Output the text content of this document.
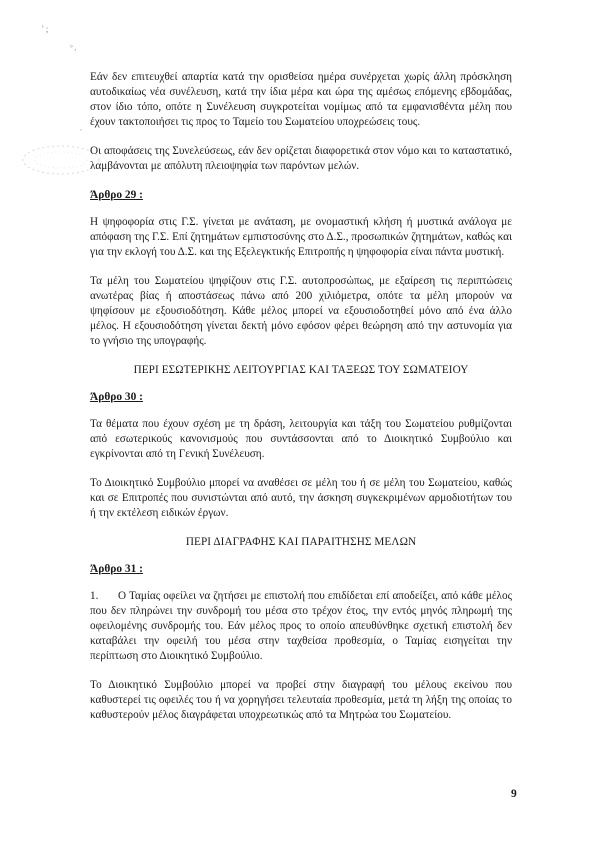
' ;
° ,
,

Εάν δεν επιτευχθεί απαρτία κατά την ορισθείσα ημέρα συνέρχεται χωρίς άλλη πρόσκληση αυτοδικαίως νέα συνέλευση, κατά την ίδια μέρα και ώρα της αμέσως επόμενης εβδομάδας, στον ίδιο τόπο, οπότε η Συνέλευση συγκροτείται νομίμως από τα εμφανισθέντα μέλη που έχουν τακτοποιήσει τις προς το Ταμείο του Σωματείου υποχρεώσεις τους.

Οι αποφάσεις της Συνελεύσεως, εάν δεν ορίζεται διαφορετικά στον νόμο και το καταστατικό, λαμβάνονται με απόλυτη πλειοψηφία των παρόντων μελών.

Άρθρο 29 :

Η ψηφοφορία στις Γ.Σ. γίνεται με ανάταση, με ονομαστική κλήση ή μυστικά ανάλογα με απόφαση της Γ.Σ. Επί ζητημάτων εμπιστοσύνης στο Δ.Σ., προσωπικών ζητημάτων, καθώς και για την εκλογή του Δ.Σ. και της Εξελεγκτικής Επιτροπής η ψηφοφορία είναι πάντα μυστική.

Τα μέλη του Σωματείου ψηφίζουν στις Γ.Σ. αυτοπροσώπως, με εξαίρεση τις περιπτώσεις ανωτέρας βίας ή αποστάσεως πάνω από 200 χιλιόμετρα, οπότε τα μέλη μπορούν να ψηφίσουν με εξουσιοδότηση. Κάθε μέλος μπορεί να εξουσιοδοτηθεί μόνο από ένα άλλο μέλος. Η εξουσιοδότηση γίνεται δεκτή μόνο εφόσον φέρει θεώρηση από την αστυνομία για το γνήσιο της υπογραφής.

ΠΕΡΙ ΕΣΩΤΕΡΙΚΗΣ ΛΕΙΤΟΥΡΓΙΑΣ ΚΑΙ ΤΑΞΕΩΣ ΤΟΥ ΣΩΜΑΤΕΙΟΥ
Άρθρο 30 :

Τα θέματα που έχουν σχέση με τη δράση, λειτουργία και τάξη του Σωματείου ρυθμίζονται από εσωτερικούς κανονισμούς που συντάσσονται από το Διοικητικό Συμβούλιο και εγκρίνονται από τη Γενική Συνέλευση.

Το Διοικητικό Συμβούλιο μπορεί να αναθέσει σε μέλη του ή σε μέλη του Σωματείου, καθώς και σε Επιτροπές που συνιστώνται από αυτό, την άσκηση συγκεκριμένων αρμοδιοτήτων του ή την εκτέλεση ειδικών έργων.

ΠΕΡΙ ΔΙΑΓΡΑΦΗΣ ΚΑΙ ΠΑΡΑΙΤΗΣΗΣ ΜΕΛΩΝ
Άρθρο 31 :

1. Ο Ταμίας οφείλει να ζητήσει με επιστολή που επιδίδεται επί αποδείξει, από κάθε μέλος που δεν πληρώνει την συνδρομή του μέσα στο τρέχον έτος, την εντός μηνός πληρωμή της οφειλομένης συνδρομής του. Εάν μέλος προς το οποίο απευθύνθηκε σχετική επιστολή δεν καταβάλει την οφειλή του μέσα στην ταχθείσα προθεσμία, ο Ταμίας εισηγείται την περίπτωση στο Διοικητικό Συμβούλιο.

Το Διοικητικό Συμβούλιο μπορεί να προβεί στην διαγραφή του μέλους εκείνου που καθυστερεί τις οφειλές του ή να χορηγήσει τελευταία προθεσμία, μετά τη λήξη της οποίας το καθυστερούν μέλος διαγράφεται υποχρεωτικώς από τα Μητρώα του Σωματείου.

9
